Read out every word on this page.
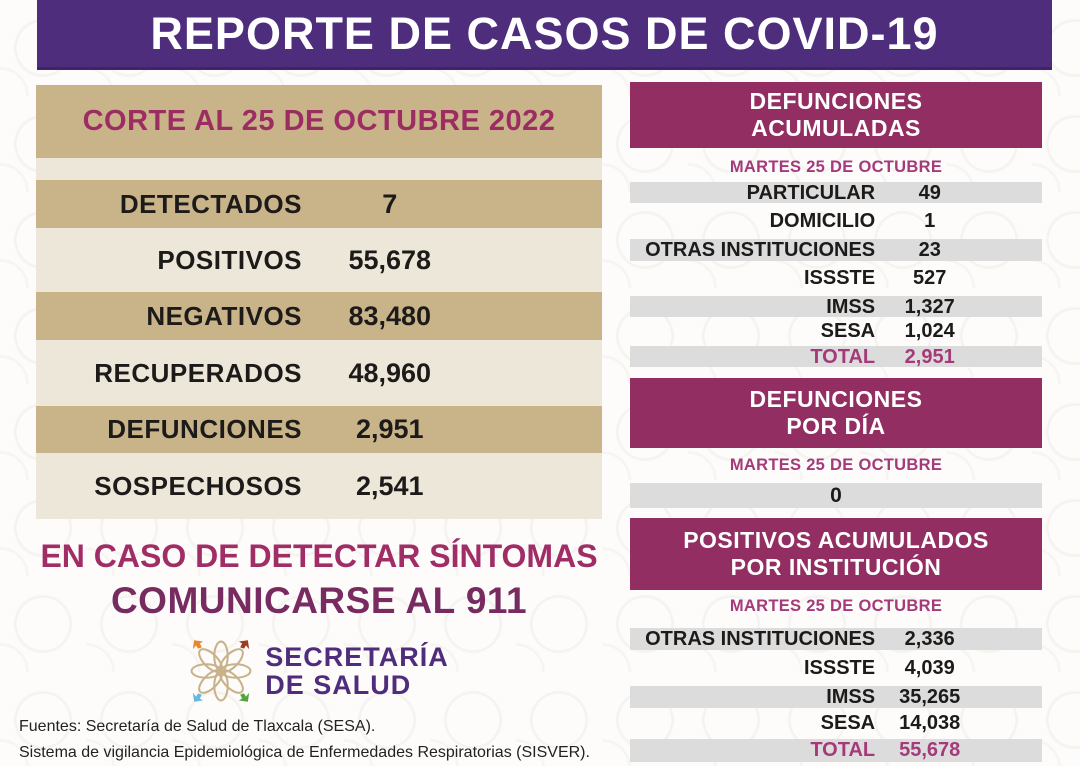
REPORTE DE CASOS DE COVID-19
CORTE AL 25 DE OCTUBRE 2022
DETECTADOS	7
POSITIVOS	55,678
NEGATIVOS	83,480
RECUPERADOS	48,960
DEFUNCIONES	2,951
SOSPECHOSOS	2,541
EN CASO DE DETECTAR SÍNTOMAS
COMUNICARSE AL 911
SECRETARÍA
DE SALUD
Fuentes: Secretaría de Salud de Tlaxcala (SESA).
Sistema de vigilancia Epidemiológica de Enfermedades Respiratorias (SISVER).
DEFUNCIONES
ACUMULADAS
MARTES 25 DE OCTUBRE
PARTICULAR	49
DOMICILIO	1
OTRAS INSTITUCIONES	23
ISSSTE	527
IMSS	1,327
SESA	1,024
TOTAL	2,951
DEFUNCIONES
POR DÍA
MARTES 25 DE OCTUBRE
0
POSITIVOS ACUMULADOS
POR INSTITUCIÓN
MARTES 25 DE OCTUBRE
OTRAS INSTITUCIONES	2,336
ISSSTE	4,039
IMSS	35,265
SESA	14,038
TOTAL	55,678
